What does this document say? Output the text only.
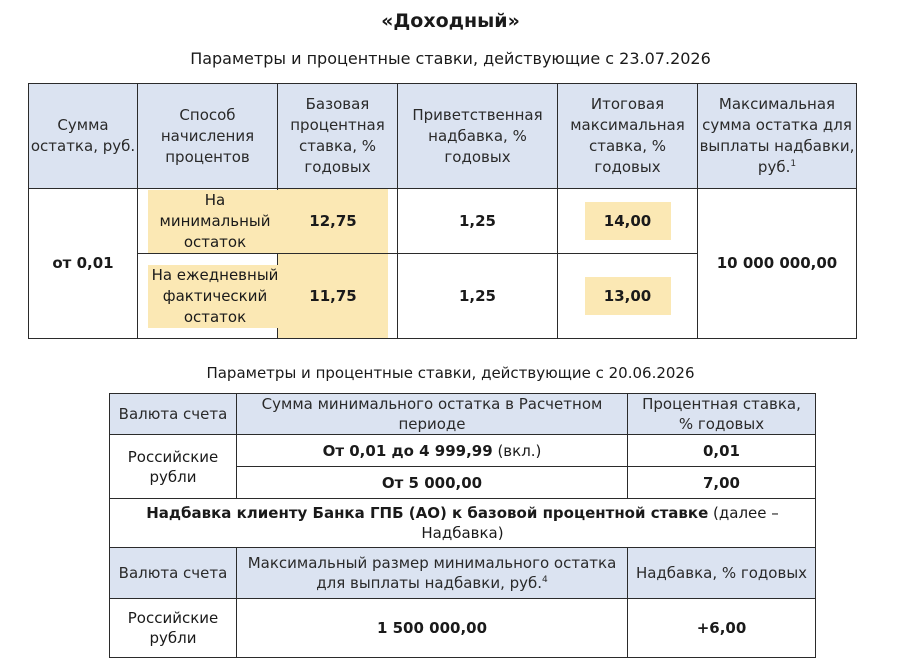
«Доходный»
Параметры и процентные ставки, действующие с 23.07.2026
Сумма остатка, руб.	Способ начисления процентов	Базовая процентная ставка, % годовых	Приветственная надбавка, % годовых	Итоговая максимальная ставка, % годовых	Максимальная сумма остатка для выплаты надбавки, руб.$^1$
от 0,01	На минимальный остаток	12,75	1,25	14,00	10 000 000,00
	На ежедневный фактический остаток	11,75	1,25	13,00	
Параметры и процентные ставки, действующие с 20.06.2026
Валюта счета	Сумма минимального остатка в Расчетном периоде	Процентная ставка, % годовых
Российские рубли	От 0,01 до 4 999,99 (вкл.)	0,01
	От 5 000,00	7,00
Надбавка клиенту Банка ГПБ (АО) к базовой процентной ставке (далее – Надбавка)		
Валюта счета	Максимальный размер минимального остатка для выплаты надбавки, руб.$^4$	Надбавка, % годовых
Российские рубли	1 500 000,00	+6,00
